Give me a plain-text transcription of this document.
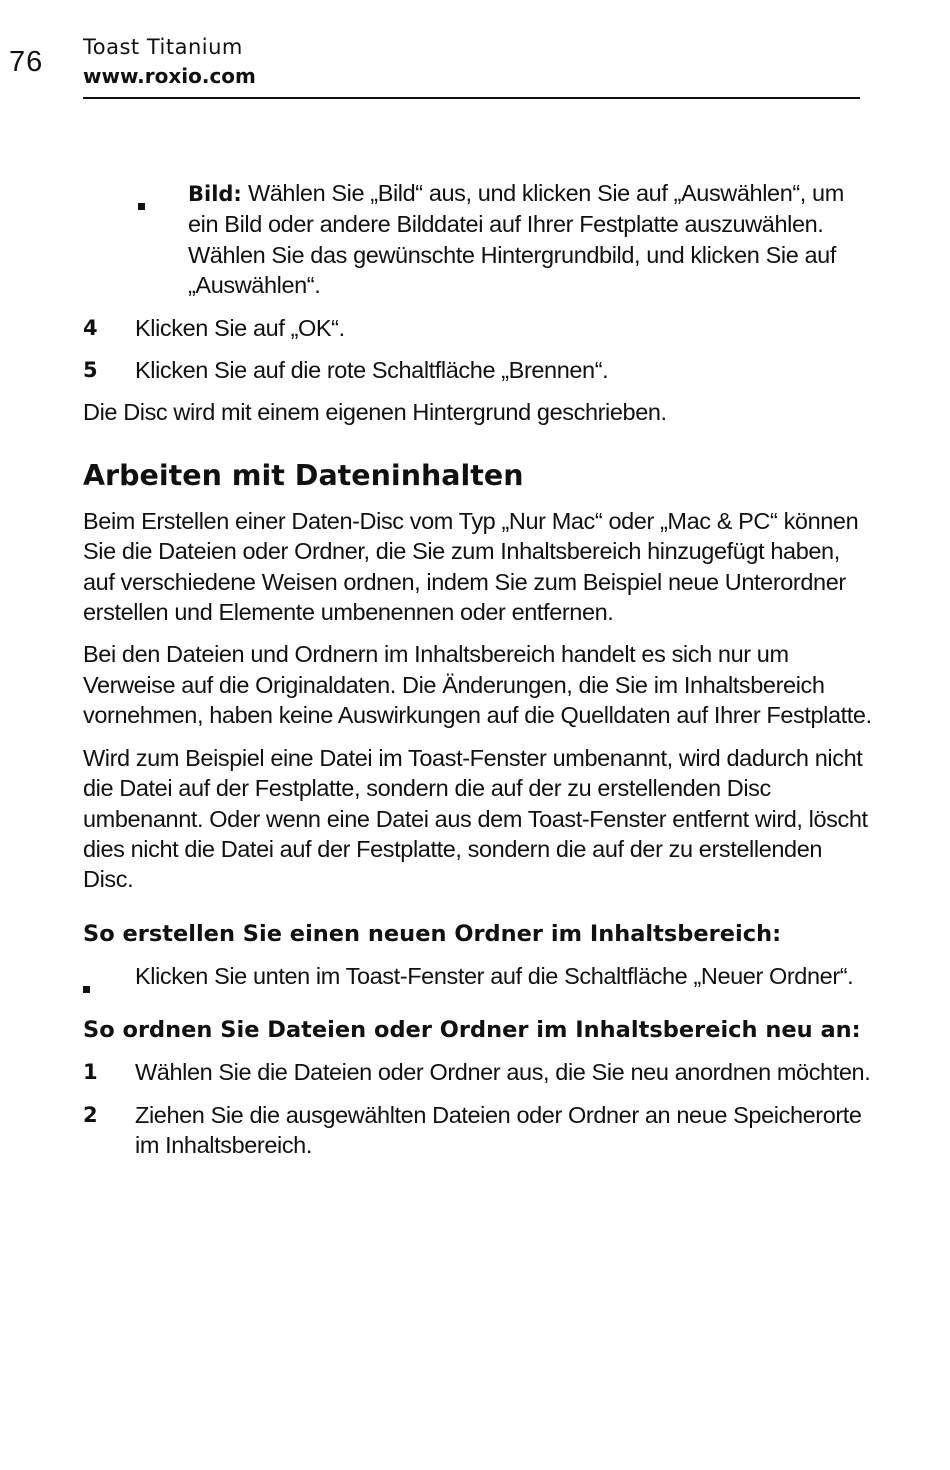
76 Toast Titanium
www.roxio.com
Bild: Wählen Sie „Bild“ aus, und klicken Sie auf „Auswählen“, um ein Bild oder andere Bilddatei auf Ihrer Festplatte auszuwählen. Wählen Sie das gewünschte Hintergrundbild, und klicken Sie auf „Auswählen“.
4 Klicken Sie auf „OK“.
5 Klicken Sie auf die rote Schaltfläche „Brennen“.

Die Disc wird mit einem eigenen Hintergrund geschrieben.

Arbeiten mit Dateninhalten

Beim Erstellen einer Daten-Disc vom Typ „Nur Mac“ oder „Mac & PC“ können Sie die Dateien oder Ordner, die Sie zum Inhaltsbereich hinzugefügt haben, auf verschiedene Weisen ordnen, indem Sie zum Beispiel neue Unterordner erstellen und Elemente umbenennen oder entfernen.

Bei den Dateien und Ordnern im Inhaltsbereich handelt es sich nur um Verweise auf die Originaldaten. Die Änderungen, die Sie im Inhaltsbereich vornehmen, haben keine Auswirkungen auf die Quelldaten auf Ihrer Festplatte.

Wird zum Beispiel eine Datei im Toast-Fenster umbenannt, wird dadurch nicht die Datei auf der Festplatte, sondern die auf der zu erstellenden Disc umbenannt. Oder wenn eine Datei aus dem Toast-Fenster entfernt wird, löscht dies nicht die Datei auf der Festplatte, sondern die auf der zu erstellenden Disc.

So erstellen Sie einen neuen Ordner im Inhaltsbereich:
Klicken Sie unten im Toast-Fenster auf die Schaltfläche „Neuer Ordner“.
So ordnen Sie Dateien oder Ordner im Inhaltsbereich neu an:
1 Wählen Sie die Dateien oder Ordner aus, die Sie neu anordnen möchten.
2 Ziehen Sie die ausgewählten Dateien oder Ordner an neue Speicherorte im Inhaltsbereich.
